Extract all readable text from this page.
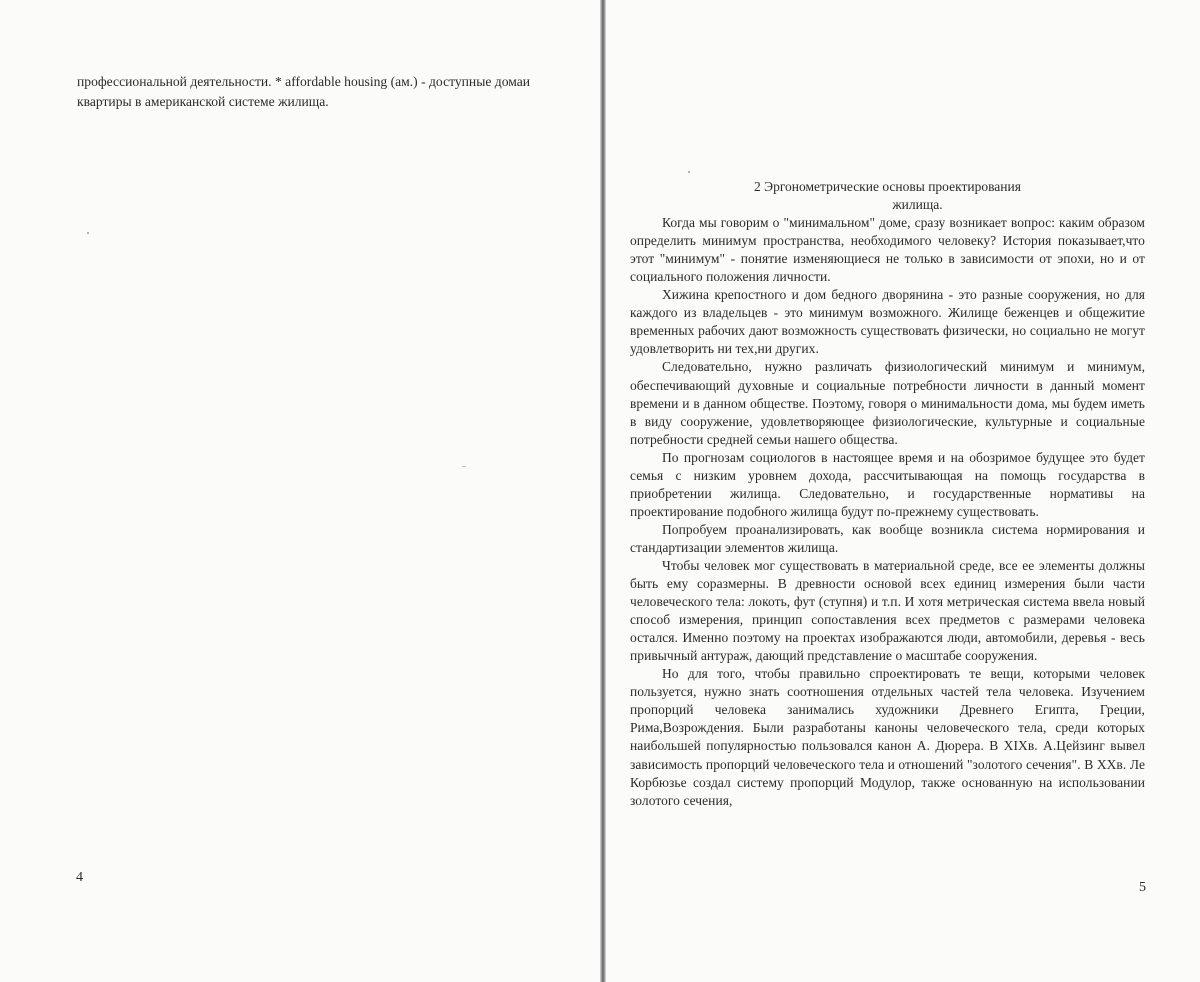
профессиональной деятельности. * affordable housing (ам.) - доступные домаи

квартиры в американской системе жилища.

4

2 Эргонометрические основы проектирования

жилища.

Когда мы говорим о "минимальном" доме, сразу возникает вопрос: каким образом определить минимум пространства, необходимого человеку? История показывает,что этот "минимум" - понятие изменяющиеся не только в зависимости от эпохи, но и от социального положения личности.

Хижина крепостного и дом бедного дворянина - это разные сооружения, но для каждого из владельцев - это минимум возможного. Жилище беженцев и общежитие временных рабочих дают возможность существовать физически, но социально не могут удовлетворить ни тех,ни других.

Следовательно, нужно различать физиологический минимум и минимум, обеспечивающий духовные и социальные потребности личности в данный момент времени и в данном обществе. Поэтому, говоря о минимальности дома, мы будем иметь в виду сооружение, удовлетворяющее физиологические, культурные и социальные потребности средней семьи нашего общества.

По прогнозам социологов в настоящее время и на обозримое будущее это будет семья с низким уровнем дохода, рассчитывающая на помощь государства в приобретении жилища. Следовательно, и государственные нормативы на проектирование подобного жилища будут по-прежнему существовать.

Попробуем проанализировать, как вообще возникла система нормирования и стандартизации элементов жилища.

Чтобы человек мог существовать в материальной среде, все ее элементы должны быть ему соразмерны. В древности основой всех единиц измерения были части человеческого тела: локоть, фут (ступня) и т.п. И хотя метрическая система ввела новый способ измерения, принцип сопоставления всех предметов с размерами человека остался. Именно поэтому на проектах изображаются люди, автомобили, деревья - весь привычный антураж, дающий представление о масштабе сооружения.

Но для того, чтобы правильно спроектировать те вещи, которыми человек пользуется, нужно знать соотношения отдельных частей тела человека. Изучением пропорций человека занимались художники Древнего Египта, Греции, Рима,Возрождения. Были разработаны каноны человеческого тела, среди которых наибольшей популярностью пользовался канон А. Дюрера. В XIXв. А.Цейзинг вывел зависимость пропорций человеческого тела и отношений "золотого сечения". В XXв. Ле Корбюзье создал систему пропорций Модулор, также основанную на использовании золотого сечения,

5
